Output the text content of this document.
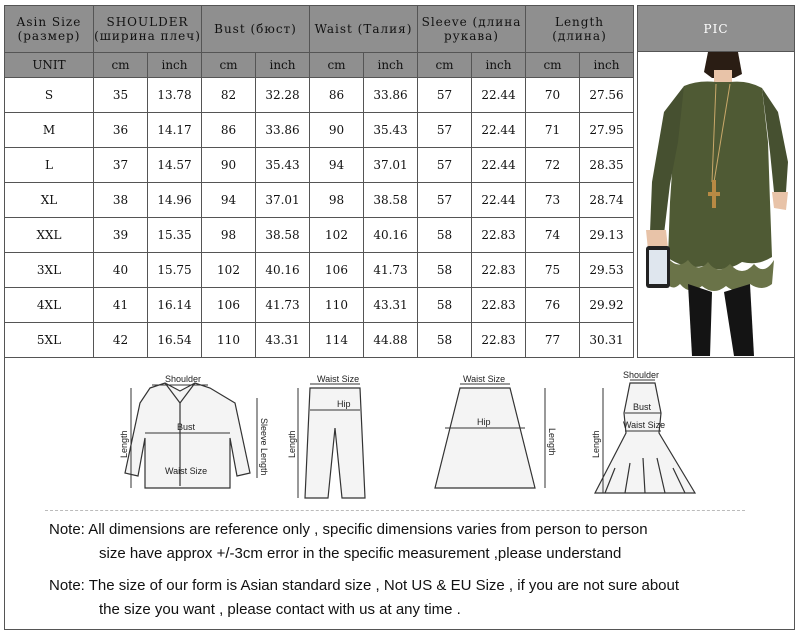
Asin Size (размер)	SHOULDER (ширина плеч)		Bust (бюст)		Waist (Талия)		Sleeve (длина рукава)		Length (длина)	
UNIT	cm	inch	cm	inch	cm	inch	cm	inch	cm	inch
S	35	13.78	82	32.28	86	33.86	57	22.44	70	27.56
M	36	14.17	86	33.86	90	35.43	57	22.44	71	27.95
L	37	14.57	90	35.43	94	37.01	57	22.44	72	28.35
XL	38	14.96	94	37.01	98	38.58	57	22.44	73	28.74
XXL	39	15.35	98	38.58	102	40.16	58	22.83	74	29.13
3XL	40	15.75	102	40.16	106	41.73	58	22.83	75	29.53
4XL	41	16.14	106	41.73	110	43.31	58	22.83	76	29.92
5XL	42	16.54	110	43.31	114	44.88	58	22.83	77	30.31
PIC
Shoulder
Bust
Waist Size
Length	Sleeve Length
Waist Size
Hip
Length
Waist Size
Hip
Length
Shoulder
Bust
Waist Size
Length
Note: All dimensions are reference only , specific dimensions varies from person to person
size have approx +/-3cm error in the specific measurement ,please understand
Note: The size of our form is Asian standard size , Not US & EU Size , if you are not sure about
the size you want , please contact with us at any time .
